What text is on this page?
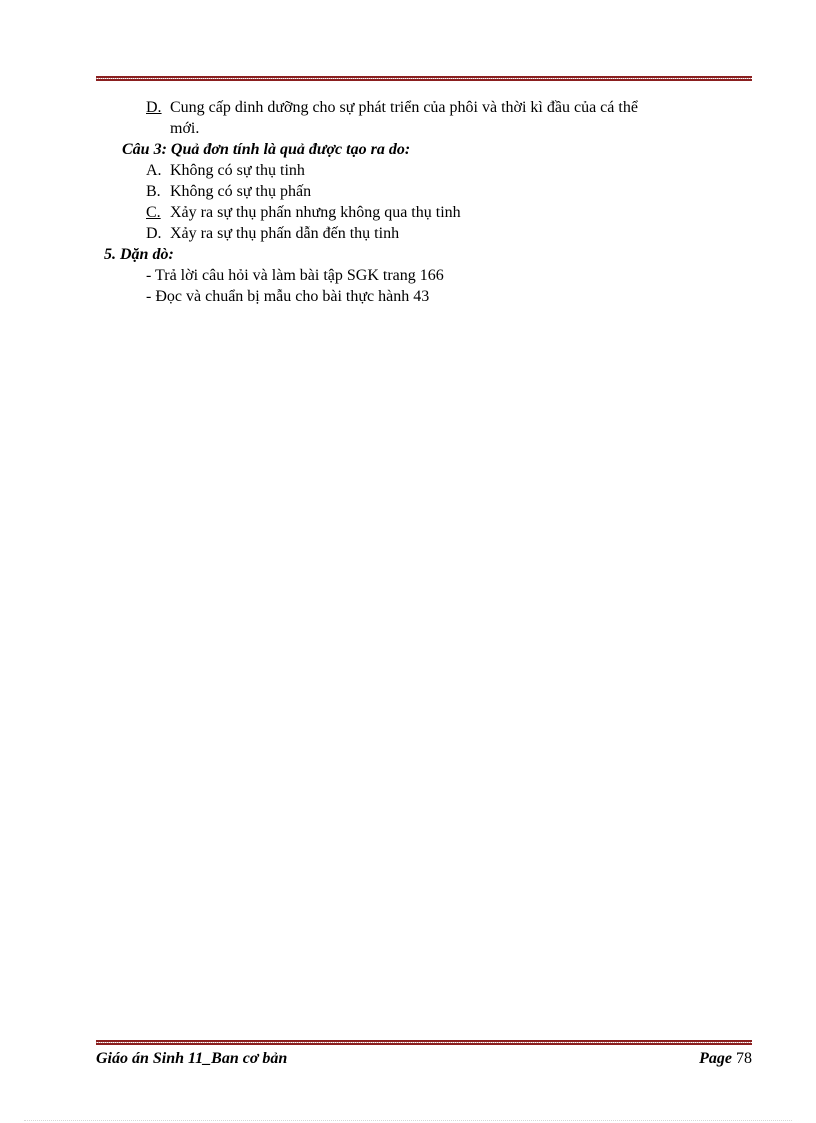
D. Cung cấp dinh dưỡng cho sự phát triển của phôi và thời kì đầu của cá thể
mới.
Câu 3: Quả đơn tính là quả được tạo ra do:
A. Không có sự thụ tinh
B. Không có sự thụ phấn
C. Xảy ra sự thụ phấn nhưng không qua thụ tinh
D. Xảy ra sự thụ phấn dẫn đến thụ tinh
5. Dặn dò:
- Trả lời câu hỏi và làm bài tập SGK trang 166
- Đọc và chuẩn bị mẫu cho bài thực hành 43
Giáo án Sinh 11_Ban cơ bản	Page 78
